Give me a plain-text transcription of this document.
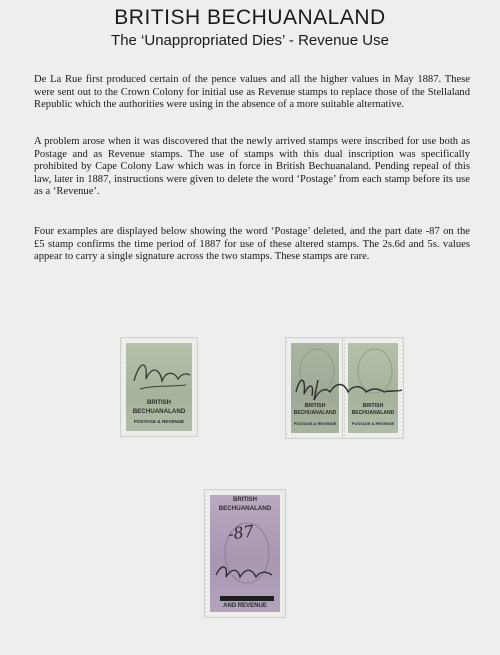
BRITISH BECHUANALAND
The ‘Unappropriated Dies’ - Revenue Use

De La Rue first produced certain of the pence values and all the higher values in May 1887. These were sent out to the Crown Colony for initial use as Revenue stamps to replace those of the Stellaland Republic which the authorities were using in the absence of a more suitable alternative.

A problem arose when it was discovered that the newly arrived stamps were inscribed for use both as Postage and as Revenue stamps. The use of stamps with this dual inscription was specifically prohibited by Cape Colony Law which was in force in British Bechuanaland. Pending repeal of this law, later in 1887, instructions were given to delete the word ‘Postage’ from each stamp before its use as a ‘Revenue’.

Four examples are displayed below showing the word ‘Postage’ deleted, and the part date -87 on the £5 stamp confirms the time period of 1887 for use of these altered stamps. The 2s.6d and 5s. values appear to carry a single signature across the two stamps. These stamps are rare.

BRITISH
BECHUANALAND
POSTAGE & REVENUE
BRITISH
BECHUANALAND
POSTAGE & REVENUE
BRITISH
BECHUANALAND
POSTAGE & REVENUE
BRITISH
BECHUANALAND
-87
AND REVENUE
